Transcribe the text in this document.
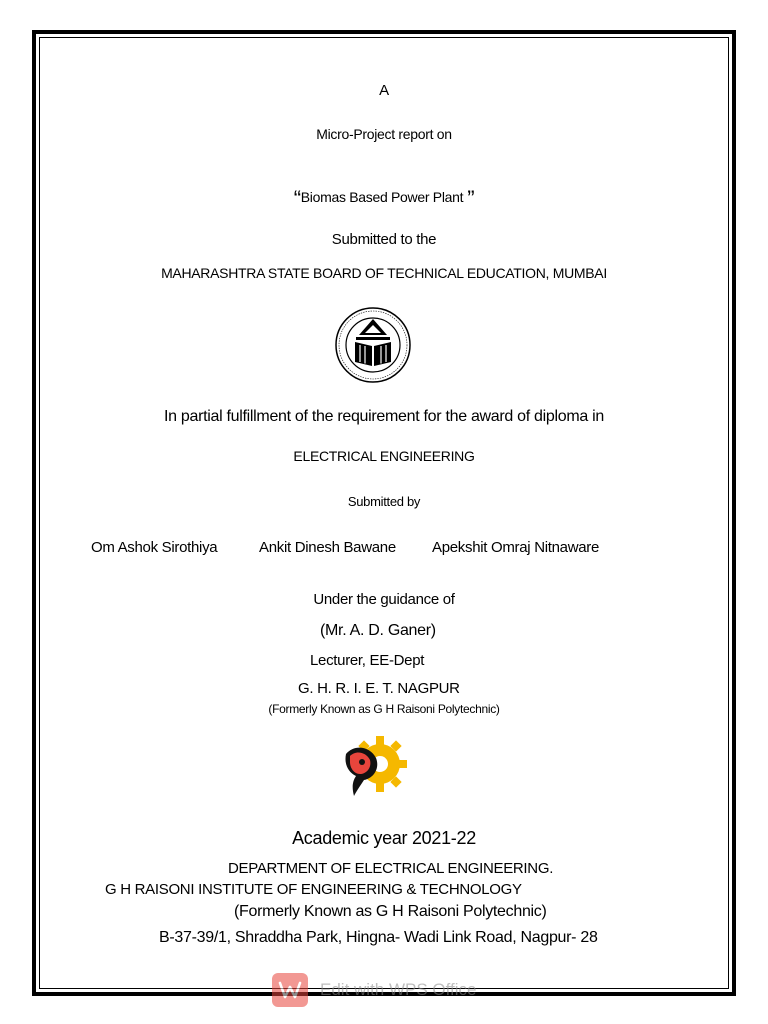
A
Micro-Project report on
“Biomas Based Power Plant ”
Submitted to the
MAHARASHTRA STATE BOARD OF TECHNICAL EDUCATION, MUMBAI
In partial fulfillment of the requirement for the award of diploma in
ELECTRICAL ENGINEERING
Submitted by
Om Ashok Sirothiya	Ankit Dinesh Bawane Apekshit Omraj Nitnaware
Under the guidance of
(Mr. A. D. Ganer)
Lecturer, EE-Dept
G. H. R. I. E. T. NAGPUR
(Formerly Known as G H Raisoni Polytechnic)
Academic year 2021-22
DEPARTMENT OF ELECTRICAL ENGINEERING.
G H RAISONI INSTITUTE OF ENGINEERING & TECHNOLOGY
(Formerly Known as G H Raisoni Polytechnic)
B-37-39/1, Shraddha Park, Hingna- Wadi Link Road, Nagpur- 28
Edit with WPS Office
